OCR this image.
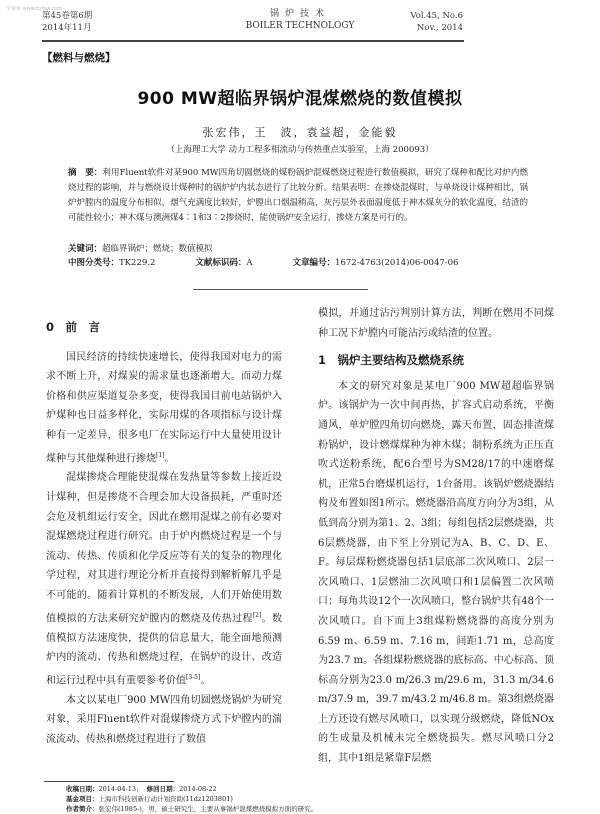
学兔兔 www.bzfxw.com
第45卷第6期
2014年11月
锅炉技术
BOILER TECHNOLOGY
Vol.45, No.6
Nov., 2014
【燃料与燃烧】
900 MW超临界锅炉混煤燃烧的数值模拟
张宏伟，王　波，袁益超，金能毅
（上海理工大学 动力工程多相流动与传热重点实验室，上海 200093）
摘　要：利用Fluent软件对某900 MW四角切圆燃烧的煤粉锅炉混煤燃烧过程进行数值模拟，研究了煤种和配比对炉内燃烧过程的影响，并与燃烧设计煤种时的锅炉炉内状态进行了比较分析。结果表明：在掺烧混煤时，与单烧设计煤种相比，锅炉炉膛内的温度分布相似，烟气充满度比较好，炉膛出口烟温稍高，灰污层外表面温度低于神木煤灰分的软化温度，结渣的可能性较小；神木煤与澳洲煤4∶1和3∶2掺烧时，能使锅炉安全运行，掺烧方案是可行的。
关键词：超临界锅炉；燃烧；数值模拟
中图分类号：TK229.2	文献标识码：A	文章编号：1672-4763(2014)06-0047-06

0　前　言

国民经济的持续快速增长，使得我国对电力的需求不断上升，对煤炭的需求量也逐渐增大。而动力煤价格和供应渠道复杂多变，使得我国目前电站锅炉入炉煤种也日益多样化，实际用煤的各项指标与设计煤种有一定差异，很多电厂在实际运行中大量使用设计煤种与其他煤种进行掺烧[1]。

混煤掺烧合理能使混煤在发热量等参数上接近设计煤种，但是掺烧不合理会加大设备损耗，严重时还会危及机组运行安全，因此在燃用混煤之前有必要对混煤燃烧过程进行研究。由于炉内燃烧过程是一个与流动、传热、传质和化学反应等有关的复杂的物理化学过程，对其进行理论分析并直接得到解析解几乎是不可能的。随着计算机的不断发展，人们开始使用数值模拟的方法来研究炉膛内的燃烧及传热过程[2]。数值模拟方法速度快，提供的信息量大，能全面地预测炉内的流动、传热和燃烧过程，在锅炉的设计、改造和运行过程中具有重要参考价值[3-5]。

本文以某电厂900 MW四角切圆燃烧锅炉为研究对象，采用Fluent软件对混煤掺烧方式下炉膛内的湍流流动、传热和燃烧过程进行了数值

模拟，并通过沾污判别计算方法，判断在燃用不同煤种工况下炉膛内可能沾污或结渣的位置。

1　锅炉主要结构及燃烧系统

本文的研究对象是某电厂900 MW超超临界锅炉。该锅炉为一次中间再热，扩容式启动系统，平衡通风，单炉膛四角切向燃烧，露天布置，固态排渣煤粉锅炉，设计燃煤煤种为神木煤；制粉系统为正压直吹式送粉系统，配6台型号为SM28/17的中速磨煤机，正常5台磨煤机运行，1台备用。该锅炉燃烧器结构及布置如图1所示。燃烧器沿高度方向分为3组，从低到高分别为第1、2、3组；每组包括2层燃烧器，共6层燃烧器，由下至上分别记为A、B、C、D、E、F。每层煤粉燃烧器包括1层底部二次风喷口、2层一次风喷口、1层燃油二次风喷口和1层偏置二次风喷口；每角共设12个一次风喷口，整台锅炉共有48个一次风喷口。自下而上3组煤粉燃烧器的高度分别为6.59 m、6.59 m、7.16 m，间距1.71 m，总高度为23.7 m。各组煤粉燃烧器的底标高、中心标高、顶标高分别为23.0 m/26.3 m/29.6 m，31.3 m/34.6 m/37.9 m，39.7 m/43.2 m/46.8 m。第3组燃烧器上方还设有燃尽风喷口，以实现分级燃烧，降低NOx的生成量及机械未完全燃烧损失。燃尽风喷口分2组，其中1组是紧靠F层燃

收稿日期：2014-04-13； 修回日期：2014-08-22
基金项目：上海市科技创新行动计划资助(11dz1203801)
作者简介：张宏伟(1985-)，男，硕士研究生，主要从事锅炉混煤燃烧模拟方面的研究。
